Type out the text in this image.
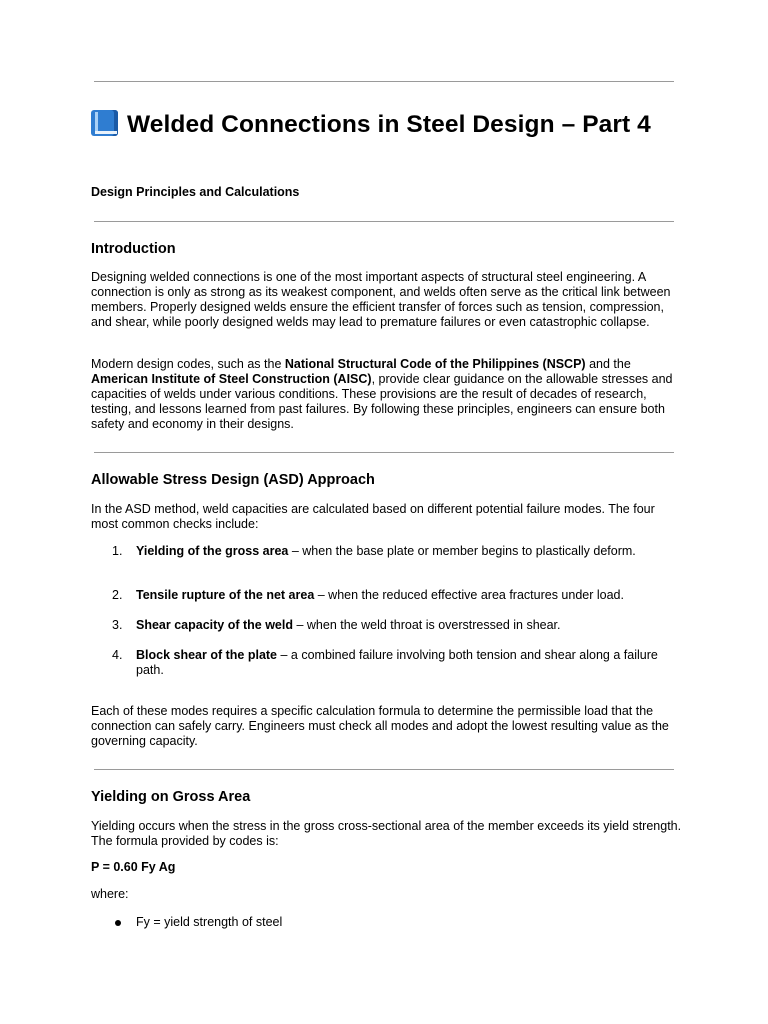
Welded Connections in Steel Design – Part 4
Design Principles and Calculations
Introduction

Designing welded connections is one of the most important aspects of structural steel engineering. A connection is only as strong as its weakest component, and welds often serve as the critical link between members. Properly designed welds ensure the efficient transfer of forces such as tension, compression, and shear, while poorly designed welds may lead to premature failures or even catastrophic collapse.

Modern design codes, such as the National Structural Code of the Philippines (NSCP) and the American Institute of Steel Construction (AISC), provide clear guidance on the allowable stresses and capacities of welds under various conditions. These provisions are the result of decades of research, testing, and lessons learned from past failures. By following these principles, engineers can ensure both safety and economy in their designs.

Allowable Stress Design (ASD) Approach

In the ASD method, weld capacities are calculated based on different potential failure modes. The four most common checks include:

1.	Yielding of the gross area – when the base plate or member begins to plastically deform.
2.	Tensile rupture of the net area – when the reduced effective area fractures under load.
3.	Shear capacity of the weld – when the weld throat is overstressed in shear.
4.	Block shear of the plate – a combined failure involving both tension and shear along a failure path.

Each of these modes requires a specific calculation formula to determine the permissible load that the connection can safely carry. Engineers must check all modes and adopt the lowest resulting value as the governing capacity.

Yielding on Gross Area

Yielding occurs when the stress in the gross cross-sectional area of the member exceeds its yield strength. The formula provided by codes is:

P = 0.60 Fy Ag
where:
Fy = yield strength of steel
